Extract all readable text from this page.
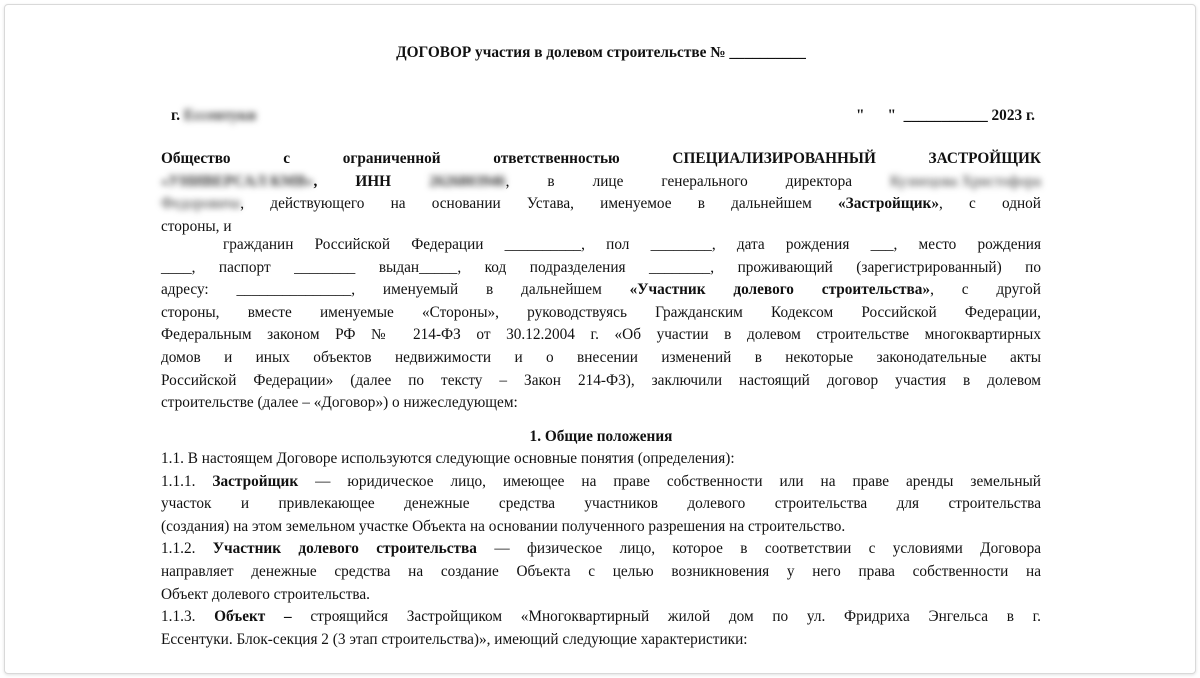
ДОГОВОР участия в долевом строительстве № __________
г. Ессентуки	"      "  ___________ 2023 г.
Общество с ограниченной ответственностью СПЕЦИАЛИЗИРОВАННЫЙ ЗАСТРОЙЩИК
«УНИВЕРСАЛ КМВ», ИНН 2626803946, в лице генерального директора Кузнецова Христофора
Федоровича, действующего на основании Устава, именуемое в дальнейшем «Застройщик», с одной
стороны, и
гражданин Российской Федерации __________, пол ________, дата рождения ___, место рождения
____, паспорт ________ выдан_____, код подразделения ________, проживающий (зарегистрированный) по
адресу: _______________, именуемый в дальнейшем «Участник долевого строительства», с другой
стороны, вместе именуемые «Стороны», руководствуясь Гражданским Кодексом Российской Федерации,
Федеральным законом РФ № 214-ФЗ от 30.12.2004 г. «Об участии в долевом строительстве многоквартирных
домов и иных объектов недвижимости и о внесении изменений в некоторые законодательные акты
Российской Федерации» (далее по тексту – Закон 214-ФЗ), заключили настоящий договор участия в долевом
строительстве (далее – «Договор») о нижеследующем:
1. Общие положения
1.1. В настоящем Договоре используются следующие основные понятия (определения):
1.1.1. Застройщик — юридическое лицо, имеющее на праве собственности или на праве аренды земельный
участок и привлекающее денежные средства участников долевого строительства для строительства
(создания) на этом земельном участке Объекта на основании полученного разрешения на строительство.
1.1.2. Участник долевого строительства — физическое лицо, которое в соответствии с условиями Договора
направляет денежные средства на создание Объекта с целью возникновения у него права собственности на
Объект долевого строительства.
1.1.3. Объект – строящийся Застройщиком «Многоквартирный жилой дом по ул. Фридриха Энгельса в г.
Ессентуки. Блок-секция 2 (3 этап строительства)», имеющий следующие характеристики:
